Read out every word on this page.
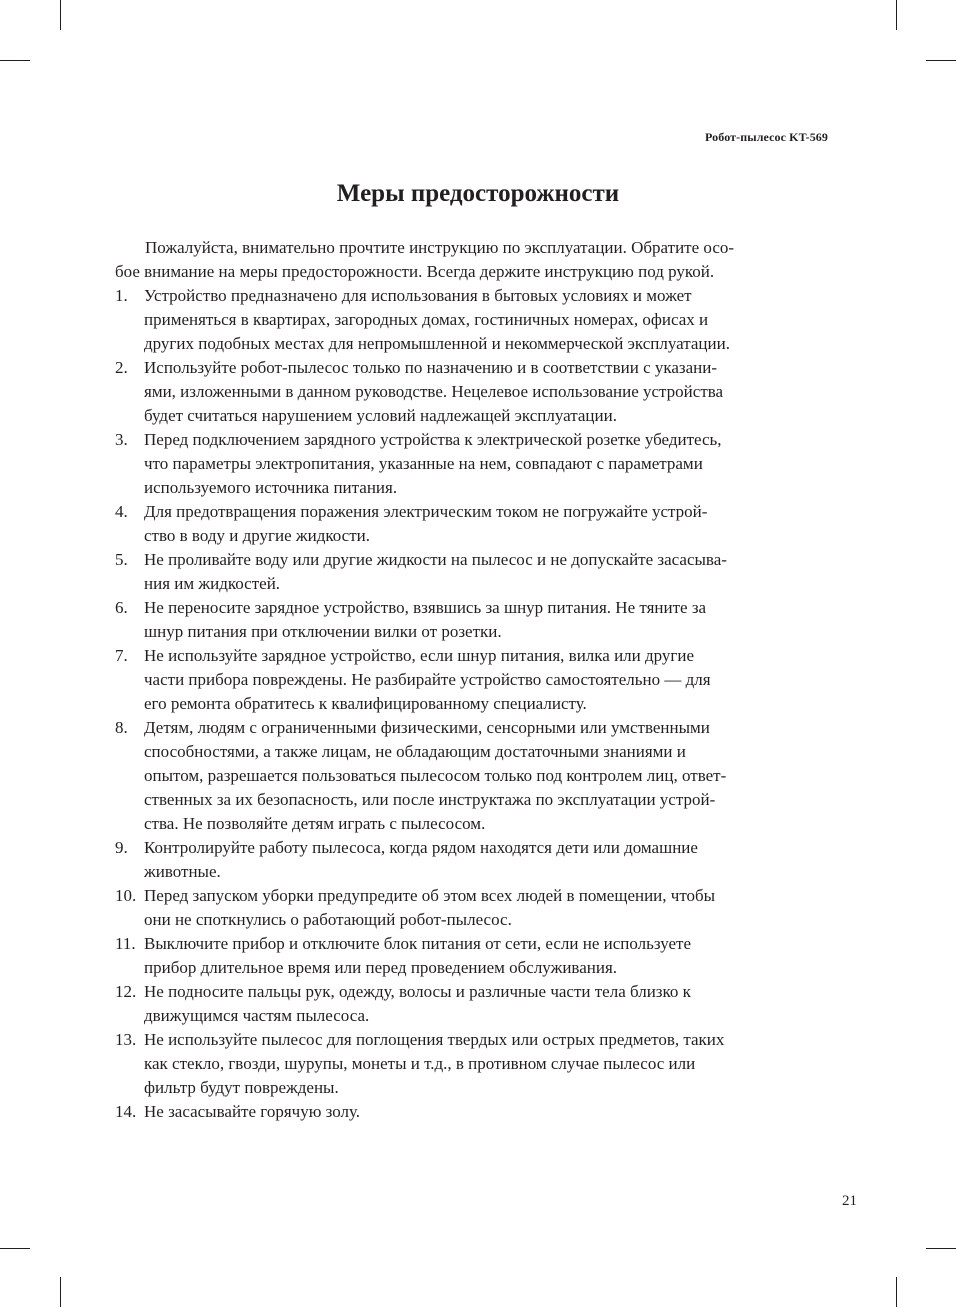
Робот-пылесос KT-569
Меры предосторожности

Пожалуйста, внимательно прочтите инструкцию по эксплуатации. Обратите осо-
бое внимание на меры предосторожности. Всегда держите инструкцию под рукой.

1. Устройство предназначено для использования в бытовых условиях и может
применяться в квартирах, загородных домах, гостиничных номерах, офисах и
других подобных местах для непромышленной и некоммерческой эксплуатации.
2. Используйте робот-пылесос только по назначению и в соответствии с указани-
ями, изложенными в данном руководстве. Нецелевое использование устройства
будет считаться нарушением условий надлежащей эксплуатации.
3. Перед подключением зарядного устройства к электрической розетке убедитесь,
что параметры электропитания, указанные на нем, совпадают с параметрами
используемого источника питания.
4. Для предотвращения поражения электрическим током не погружайте устрой-
ство в воду и другие жидкости.
5. Не проливайте воду или другие жидкости на пылесос и не допускайте засасыва-
ния им жидкостей.
6. Не переносите зарядное устройство, взявшись за шнур питания. Не тяните за
шнур питания при отключении вилки от розетки.
7. Не используйте зарядное устройство, если шнур питания, вилка или другие
части прибора повреждены. Не разбирайте устройство самостоятельно — для
его ремонта обратитесь к квалифицированному специалисту.
8. Детям, людям с ограниченными физическими, сенсорными или умственными
способностями, а также лицам, не обладающим достаточными знаниями и
опытом, разрешается пользоваться пылесосом только под контролем лиц, ответ-
ственных за их безопасность, или после инструктажа по эксплуатации устрой-
ства. Не позволяйте детям играть с пылесосом.
9. Контролируйте работу пылесоса, когда рядом находятся дети или домашние
животные.
10. Перед запуском уборки предупредите об этом всех людей в помещении, чтобы
они не споткнулись о работающий робот-пылесос.
11. Выключите прибор и отключите блок питания от сети, если не используете
прибор длительное время или перед проведением обслуживания.
12. Не подносите пальцы рук, одежду, волосы и различные части тела близко к
движущимся частям пылесоса.
13. Не используйте пылесос для поглощения твердых или острых предметов, таких
как стекло, гвозди, шурупы, монеты и т.д., в противном случае пылесос или
фильтр будут повреждены.
14. Не засасывайте горячую золу.
21
